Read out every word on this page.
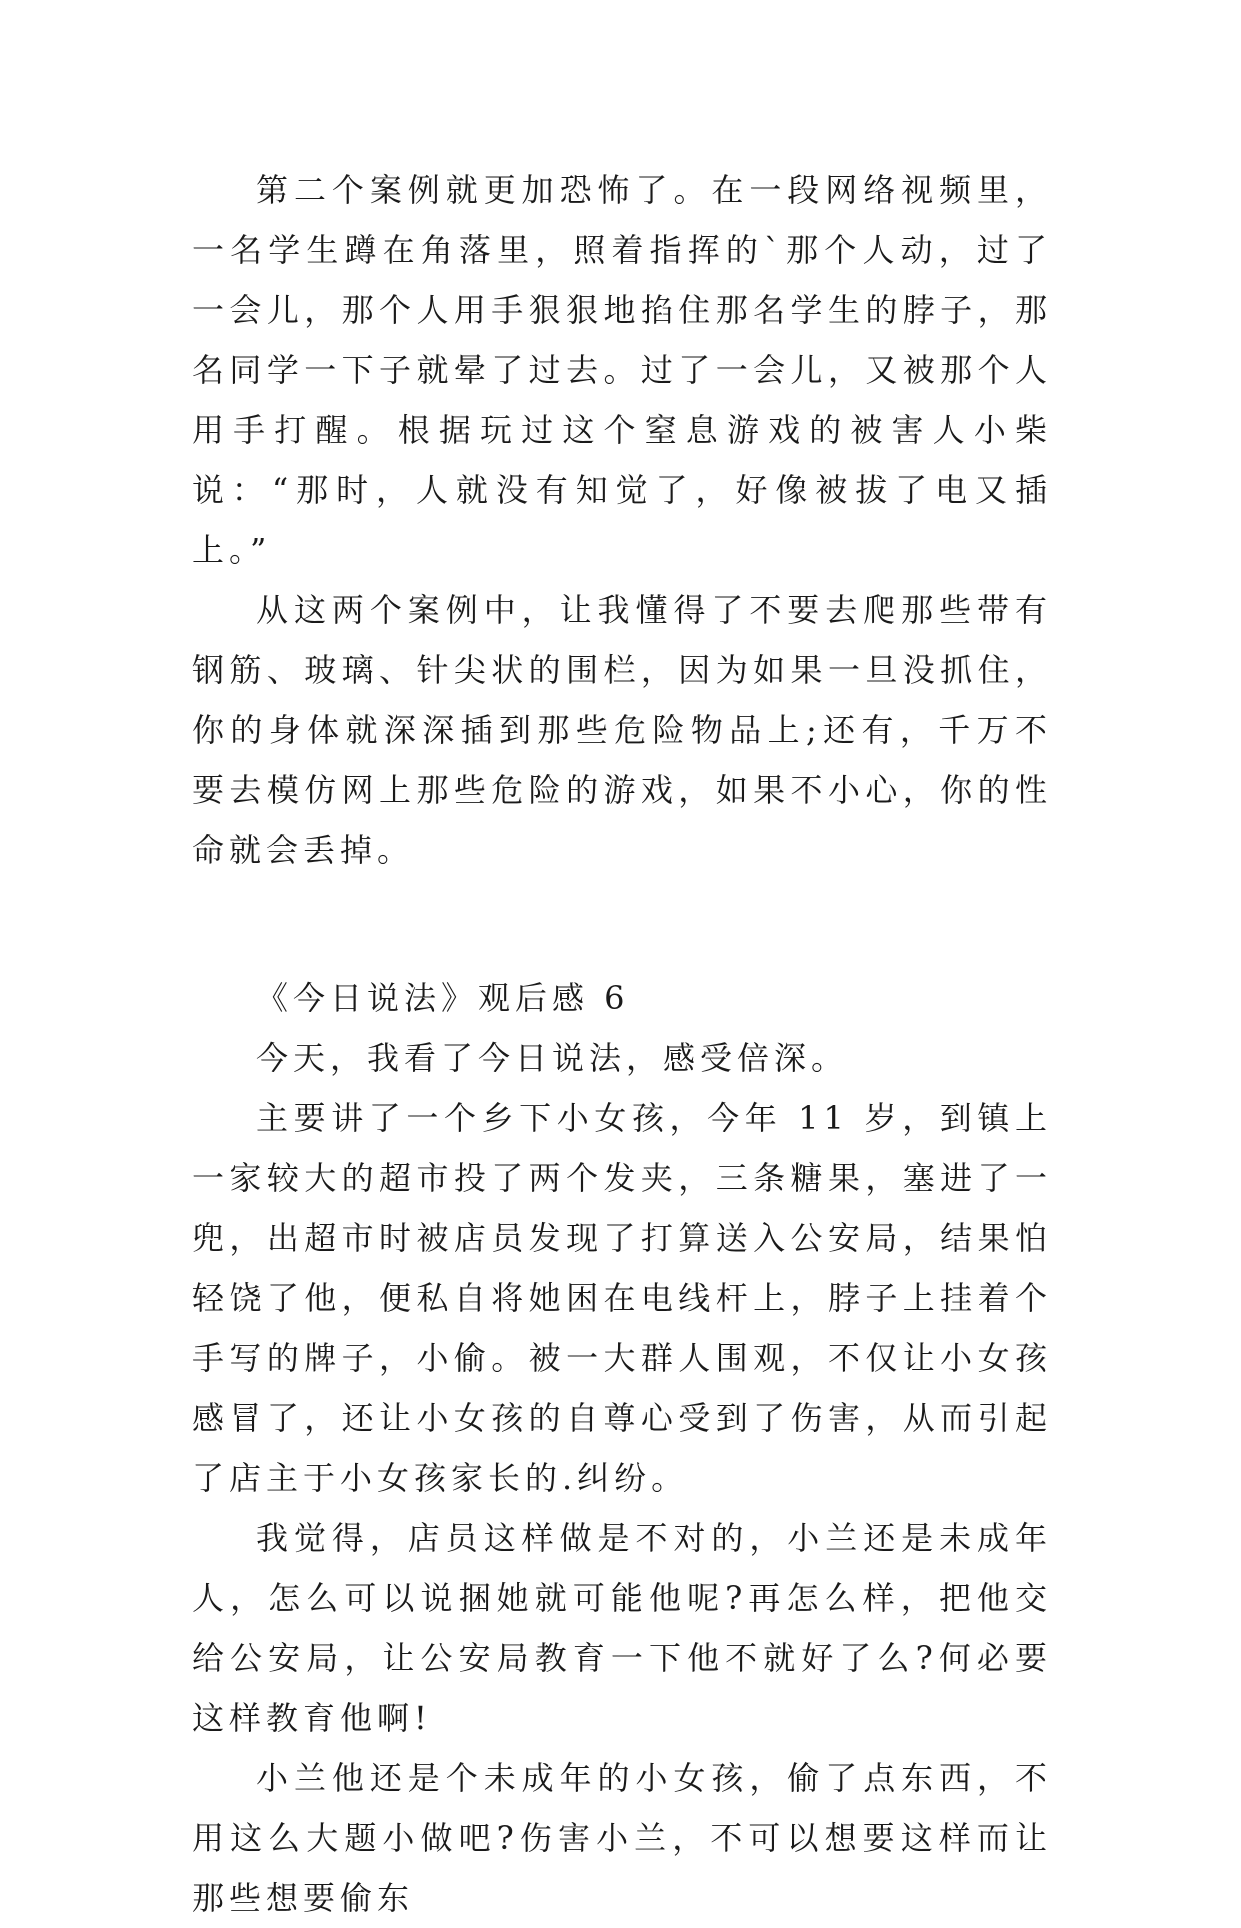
第二个案例就更加恐怖了。在一段网络视频里，一名学生蹲在角落里，照着指挥的`那个人动，过了一会儿，那个人用手狠狠地掐住那名学生的脖子，那名同学一下子就晕了过去。过了一会儿，又被那个人用手打醒。根据玩过这个窒息游戏的被害人小柴说：“那时，人就没有知觉了，好像被拔了电又插上。”

从这两个案例中，让我懂得了不要去爬那些带有钢筋、玻璃、针尖状的围栏，因为如果一旦没抓住，你的身体就深深插到那些危险物品上;还有，千万不要去模仿网上那些危险的游戏，如果不小心，你的性命就会丢掉。

《今日说法》观后感 6

今天，我看了今日说法，感受倍深。

主要讲了一个乡下小女孩，今年 11 岁，到镇上一家较大的超市投了两个发夹，三条糖果，塞进了一兜，出超市时被店员发现了打算送入公安局，结果怕轻饶了他，便私自将她困在电线杆上，脖子上挂着个手写的牌子，小偷。被一大群人围观，不仅让小女孩感冒了，还让小女孩的自尊心受到了伤害，从而引起了店主于小女孩家长的.纠纷。

我觉得，店员这样做是不对的，小兰还是未成年人，怎么可以说捆她就可能他呢?再怎么样，把他交给公安局，让公安局教育一下他不就好了么?何必要这样教育他啊!

小兰他还是个未成年的小女孩，偷了点东西，不用这么大题小做吧?伤害小兰，不可以想要这样而让那些想要偷东
